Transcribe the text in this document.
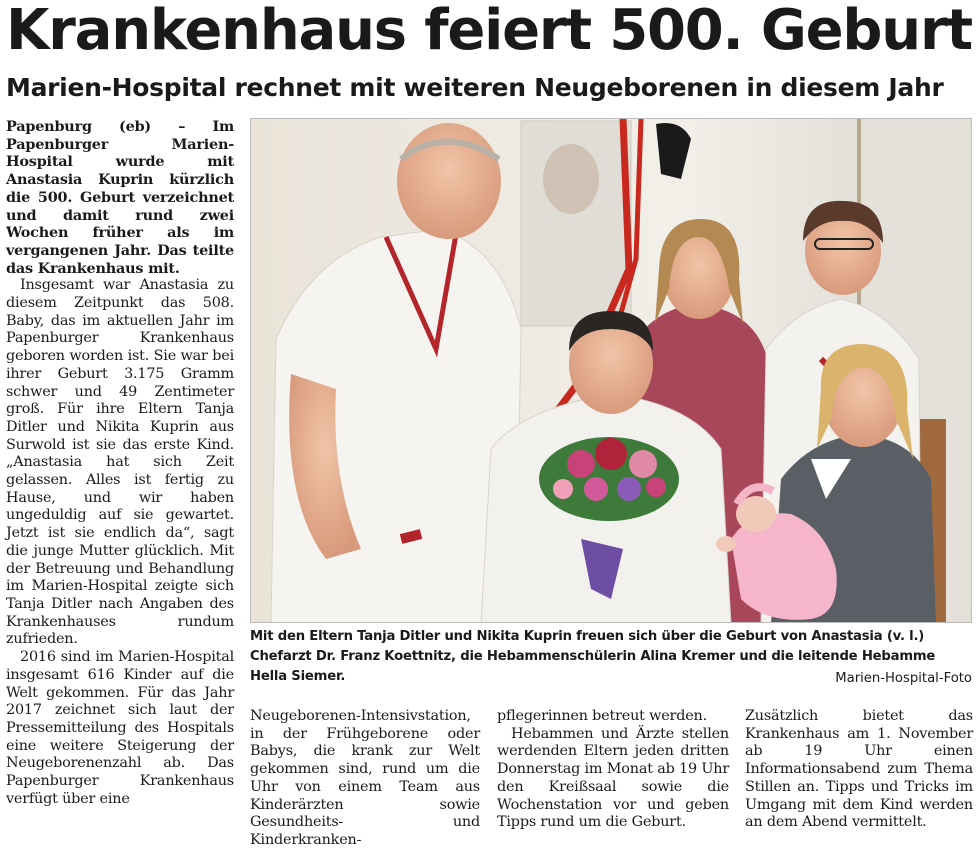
Krankenhaus feiert 500. Geburt
Marien-Hospital rechnet mit weiteren Neugeborenen in diesem Jahr

Papenburg (eb) – Im Papenburger Marien-Hospital wurde mit Anastasia Kuprin kürzlich die 500. Geburt verzeichnet und damit rund zwei Wochen früher als im vergangenen Jahr. Das teilte das Krankenhaus mit.

Insgesamt war Anastasia zu diesem Zeitpunkt das 508. Baby, das im aktuellen Jahr im Papenburger Krankenhaus geboren worden ist. Sie war bei ihrer Geburt 3.175 Gramm schwer und 49 Zentimeter groß. Für ihre Eltern Tanja Ditler und Nikita Kuprin aus Surwold ist sie das erste Kind. „Anastasia hat sich Zeit gelassen. Alles ist fertig zu Hause, und wir haben ungeduldig auf sie gewartet. Jetzt ist sie endlich da“, sagt die junge Mutter glücklich. Mit der Betreuung und Behandlung im Marien-Hospital zeigte sich Tanja Ditler nach Angaben des Krankenhauses rundum zufrieden.

2016 sind im Marien-Hospital insgesamt 616 Kinder auf die Welt gekommen. Für das Jahr 2017 zeichnet sich laut der Pressemitteilung des Hospitals eine weitere Steigerung der Neugeborenenzahl ab. Das Papenburger Krankenhaus verfügt über eine

Mit den Eltern Tanja Ditler und Nikita Kuprin freuen sich über die Geburt von Anastasia (v. l.) Chefarzt Dr. Franz Koettnitz, die Hebammenschülerin Alina Kremer und die leitende Hebamme Hella Siemer.	Marien-Hospital-Foto

Neugeborenen-Intensivstation, in der Frühgeborene oder Babys, die krank zur Welt gekommen sind, rund um die Uhr von einem Team aus Kinderärzten sowie Gesundheits- und Kinderkranken-

pflegerinnen betreut werden.

Hebammen und Ärzte stellen werdenden Eltern jeden dritten Donnerstag im Monat ab 19 Uhr den Kreißsaal sowie die Wochenstation vor und geben Tipps rund um die Geburt.

Zusätzlich bietet das Krankenhaus am 1. November ab 19 Uhr einen Informationsabend zum Thema Stillen an. Tipps und Tricks im Umgang mit dem Kind werden an dem Abend vermittelt.
